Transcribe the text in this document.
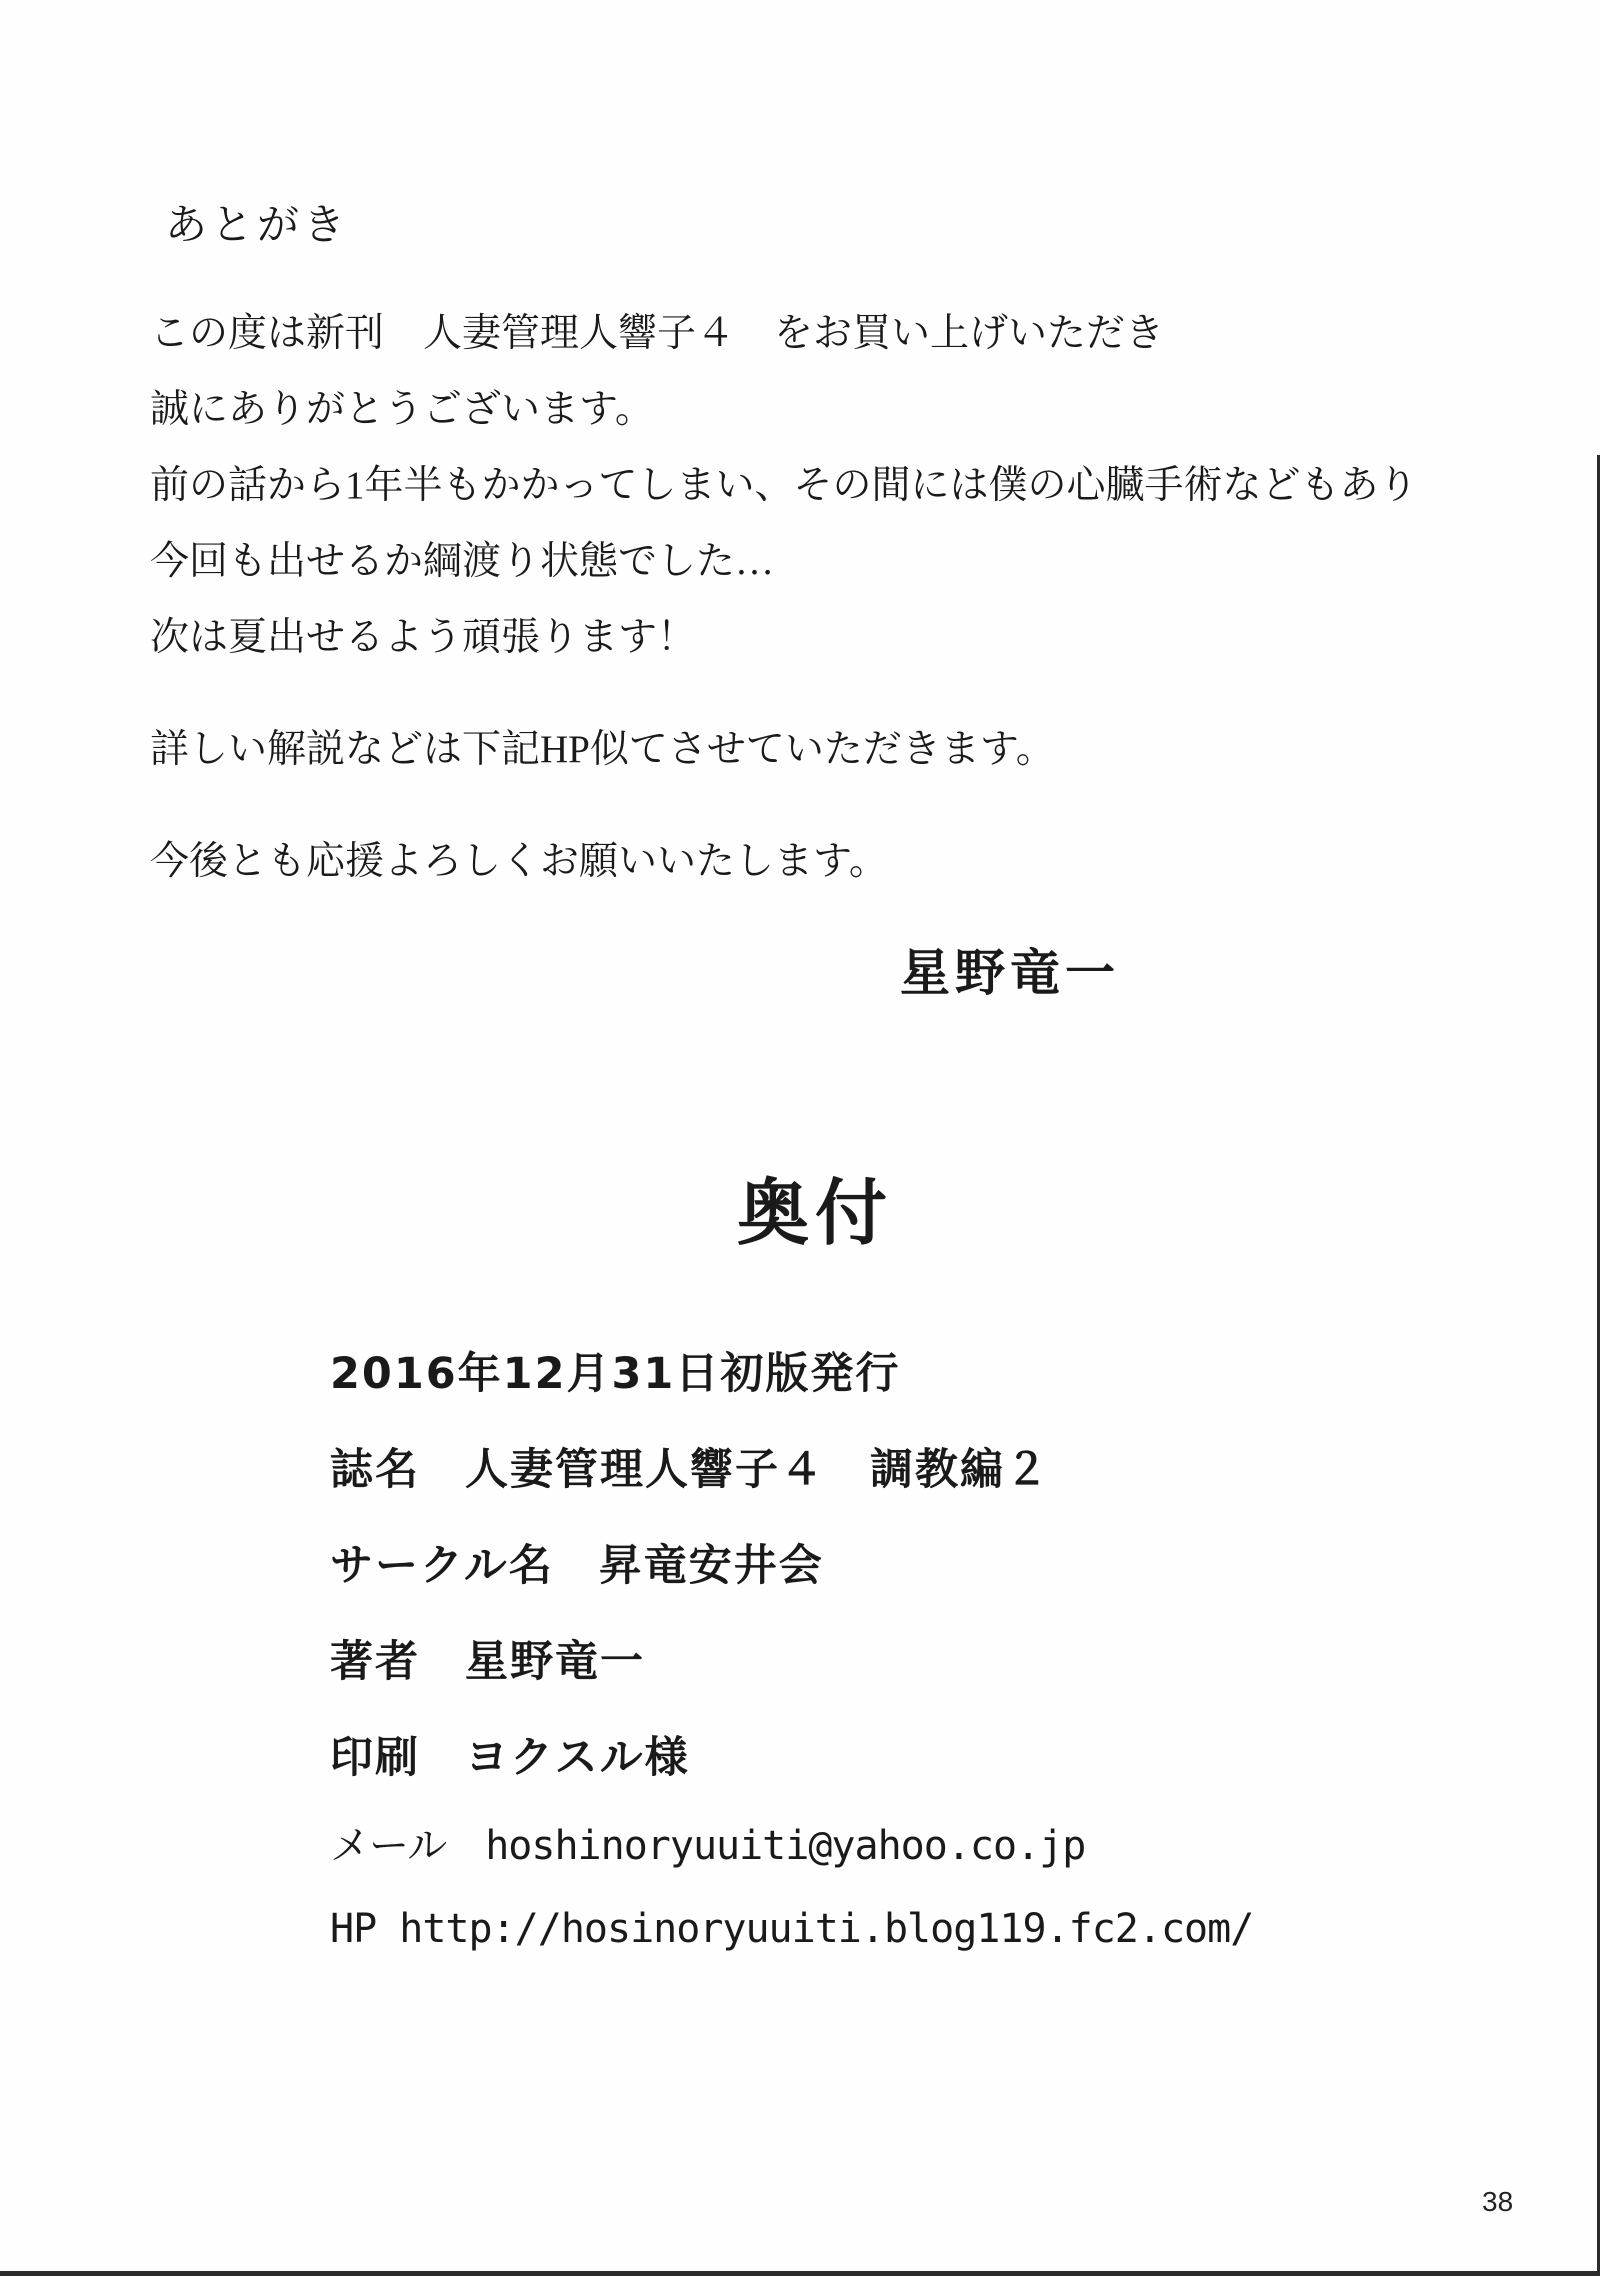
あとがき

この度は新刊　人妻管理人響子４　をお買い上げいただき

誠にありがとうございます。

前の話から1年半もかかってしまい、その間には僕の心臓手術などもあり

今回も出せるか綱渡り状態でした…

次は夏出せるよう頑張ります！

詳しい解説などは下記HP似てさせていただきます。

今後とも応援よろしくお願いいたします。

星野竜一

奥付

2016年12月31日初版発行

誌名　人妻管理人響子４　調教編２

サークル名　昇竜安井会

著者　星野竜一

印刷　ヨクスル様

メール　hoshinoryuuiti@yahoo.co.jp

HP http://hosinoryuuiti.blog119.fc2.com/

38
